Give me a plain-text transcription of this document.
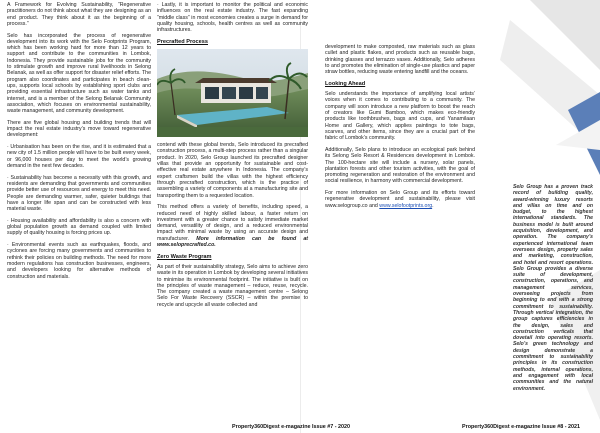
A Framework for Evolving Sustainability, “Regenerative practitioners do not think about what they are designing as an end product. They think about it as the beginning of a process.”

Selo has incorporated the process of regenerative development into its work with the Selo Footprints Program, which has been working hard for more than 12 years to support and contribute to the communities in Lombok, Indonesia. They provide sustainable jobs for the community to stimulate growth and improve rural livelihoods in Selong Belanak, as well as offer support for disaster relief efforts. The program also coordinates and participates in beach clean-ups, supports local schools by establishing sport clubs and providing essential infrastructure such as water tanks and internet, and is a member of the Selong Belanak Community association, which focuses on environmental sustainability, waste management, and community development.

There are five global housing and building trends that will impact the real estate industry’s move toward regenerative development:

· Urbanisation has been on the rise, and it is estimated that a new city of 1.5 million people will have to be built every week, or 96,000 houses per day to meet the world’s growing demand in the next few decades.

· Sustainability has become a necessity with this growth, and residents are demanding that governments and communities provide better use of resources and energy to meet this need. People are demanding warmer, safer, quieter buildings that have a longer life span and can be constructed with less material waste.

· Housing availability and affordability is also a concern with global population growth as demand coupled with limited supply of quality housing is forcing prices up.

· Environmental events such as earthquakes, floods, and cyclones are forcing many governments and communities to rethink their policies on building methods. The need for more modern regulations has construction businesses, engineers, and developers looking for alternative methods of construction and materials.

· Lastly, it is important to monitor the political and economic influences on the real estate industry. The fast expanding “middle class” in most economies creates a surge in demand for quality housing, schools, health centres as well as community infrastructures.

Precrafted Process

contend with these global trends, Selo introduced its precrafted construction process, a multi-step process rather than a singular product. In 2020, Selo Group launched its precrafted designer villas that provide an opportunity for sustainable and cost-effective real estate anywhere in Indonesia. The company’s expert craftsmen build the villas with the highest efficiency through precrafted construction, which is the practice of assembling a variety of components at a manufacturing site and transporting them to a requested location.

This method offers a variety of benefits, including speed, a reduced need of highly skilled labour, a faster return on investment with a greater chance to satisfy immediate market demand, versatility of design, and a reduced environmental impact with minimal waste by using an accurate design and manufacturer. More information can be found at www.seloprecrafted.co.

Zero Waste Program

As part of their sustainability strategy, Selo aims to achieve zero waste in its operation in Lombok by developing several initiatives to minimise its environmental footprint. The initiative is built on the principles of waste management – reduce, reuse, recycle. The company created a waste management centre – Selong Selo For Waste Recovery (SSCR) – within the premise to recycle and upcycle all waste collected and

development to make composted, raw materials such as glass cullet and plastic flakes, and products such as reusable bags, drinking glasses and terrazzo vases. Additionally, Selo adheres to and promotes the elimination of single-use plastics and paper straw bottles, reducing waste entering landfill and the oceans.

Looking Ahead

Selo understands the importance of amplifying local artists’ voices when it comes to contributing to a community. The company will soon introduce a new platform to boost the reach of creators like Gumi Bamboo, which makes eco-friendly products like toothbrushes, bags and cups, and Yanamilaan Home and Gallery, which applies paintings to tote bags, scarves, and other items, since they are a crucial part of the fabric of Lombok’s community.

Additionally, Selo plans to introduce an ecological park behind its Selong Selo Resort & Residences development in Lombok. The 100-hectare site will include a nursery, solar panels, plantation forests and other tourism activities, with the goal of promoting regeneration and restoration of the environment and social resilience, in harmony with commercial development.

For more information on Selo Group and its efforts toward regenerative development and sustainability, please visit www.selogroup.co and www.selofootprints.org.

Selo Group has a proven track record of building quality, award-winning luxury resorts and villas on time and on budget, to the highest international standards. The business model is built around acquisition, development, and operation. The company’s experienced international team oversees design, property sales and marketing, construction, and hotel and resort operations. Selo Group provides a diverse suite of development, construction, operations, and management services, overseeing projects from beginning to end with a strong commitment to sustainability. Through vertical integration, the group captures efficiencies in the design, sales and construction verticals that dovetail into operating resorts. Selo’s green technology and design demonstrate a commitment to sustainability principles in its construction methods, internal operations, and engagement with local communities and the natural environment.

Property360Digest e-magazine Issue #7 - 2020	Property360Digest e-magazine Issue #8 - 2021
